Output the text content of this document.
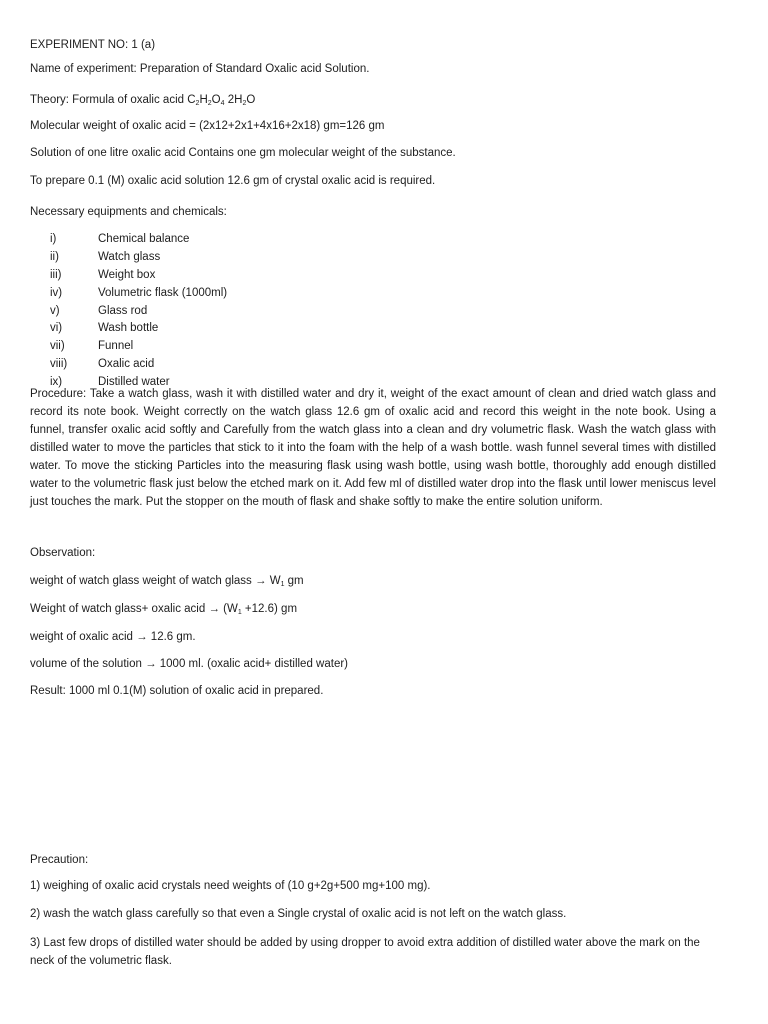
EXPERIMENT NO: 1 (a)
Name of experiment: Preparation of Standard Oxalic acid Solution.
Theory: Formula of oxalic acid $C_2H_2O_4$ $2H_2O$
Molecular weight of oxalic acid = (2x12+2x1+4x16+2x18) gm=126 gm
Solution of one litre oxalic acid Contains one gm molecular weight of the substance.
To prepare 0.1 (M) oxalic acid solution 12.6 gm of crystal oxalic acid is required.
Necessary equipments and chemicals:
i)	Chemical balance
ii)	Watch glass
iii)	Weight box
iv)	Volumetric flask (1000ml)
v)	Glass rod
vi)	Wash bottle
vii)	Funnel
viii)	Oxalic acid
ix)	Distilled water
Procedure: Take a watch glass, wash it with distilled water and dry it, weight of the exact amount of clean and dried watch glass and record its note book. Weight correctly on the watch glass 12.6 gm of oxalic acid and record this weight in the note book. Using a funnel, transfer oxalic acid softly and Carefully from the watch glass into a clean and dry volumetric flask. Wash the watch glass with distilled water to move the particles that stick to it into the foam with the help of a wash bottle. wash funnel several times with distilled water. To move the sticking Particles into the measuring flask using wash bottle, using wash bottle, thoroughly add enough distilled water to the volumetric flask just below the etched mark on it. Add few ml of distilled water drop into the flask until lower meniscus level just touches the mark. Put the stopper on the mouth of flask and shake softly to make the entire solution uniform.
Observation:
weight of watch glass weight of watch glass → $W_1$ gm
Weight of watch glass+ oxalic acid → $(W_1 +12.6)$ gm
weight of oxalic acid → 12.6 gm.
volume of the solution → 1000 ml. (oxalic acid+ distilled water)
Result: 1000 ml 0.1(M) solution of oxalic acid in prepared.
Precaution:
1) weighing of oxalic acid crystals need weights of (10 g+2g+500 mg+100 mg).
2) wash the watch glass carefully so that even a Single crystal of oxalic acid is not left on the watch glass.
3) Last few drops of distilled water should be added by using dropper to avoid extra addition of distilled water above the mark on the neck of the volumetric flask.
